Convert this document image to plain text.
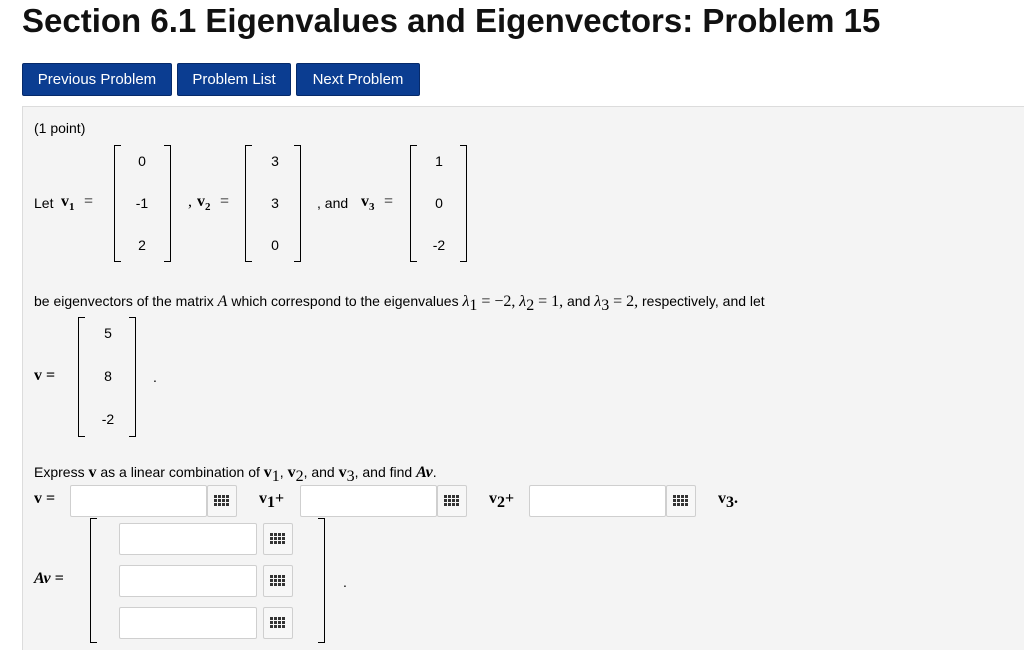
Section 6.1 Eigenvalues and Eigenvectors: Problem 15
Previous Problem	Problem List	Next Problem
(1 point)
Let $v_1$ =
0
-1
2
, $v_2$ =
3
3
0
, and $v_3$ =
1
0
-2
be eigenvectors of the matrix A which correspond to the eigenvalues $\lambda_1 = -2$, $\lambda_2 = 1$, and $\lambda_3 = 2$, respectively, and let
v =
5
8
-2
.
Express v as a linear combination of $v_1$, $v_2$, and $v_3$, and find Av.
v =	$v_1+$	$v_2+$	$v_3$.
Av =	.
